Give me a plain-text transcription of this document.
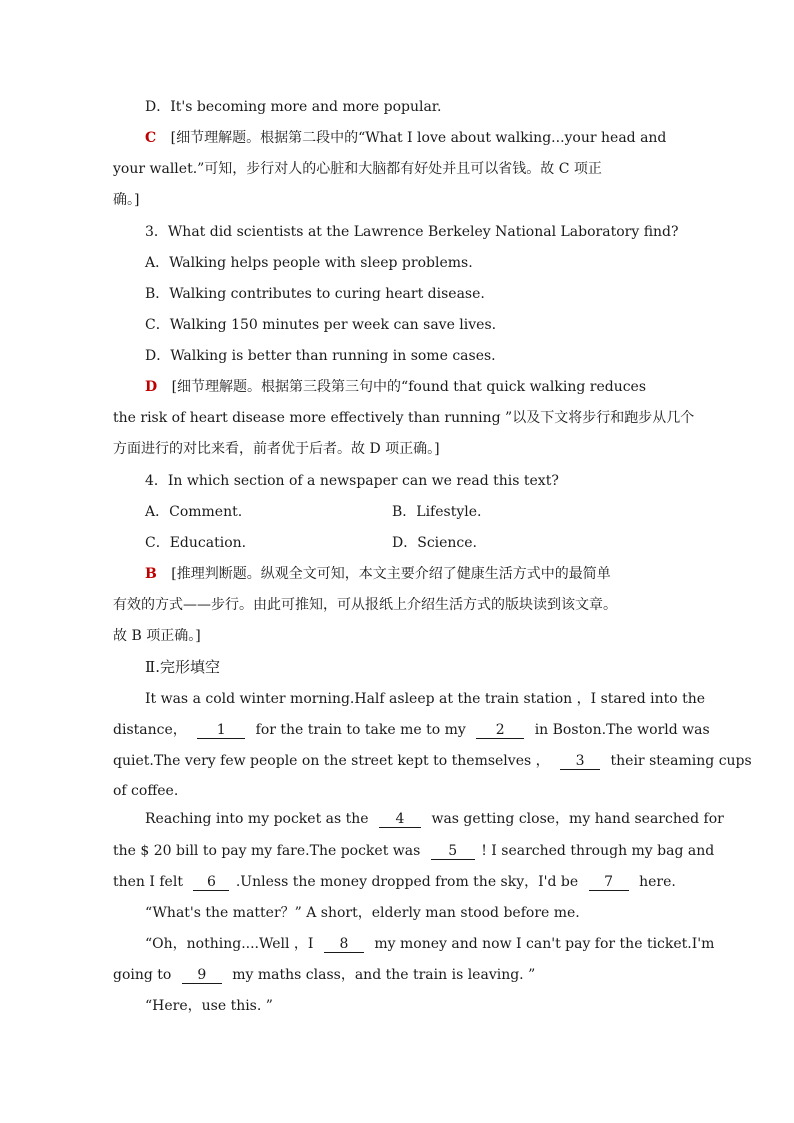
D．It's becoming more and more popular.
C [细节理解题。根据第二段中的“What I love about walking...your head and
your wallet.”可知，步行对人的心脏和大脑都有好处并且可以省钱。故 C 项正
确。]
3．What did scientists at the Lawrence Berkeley National Laboratory find?
A．Walking helps people with sleep problems.
B．Walking contributes to curing heart disease.
C．Walking 150 minutes per week can save lives.
D．Walking is better than running in some cases.
D [细节理解题。根据第三段第三句中的“found that quick walking reduces
the risk of heart disease more effectively than running ”以及下文将步行和跑步从几个
方面进行的对比来看，前者优于后者。故 D 项正确。]
4．In which section of a newspaper can we read this text?
A．Comment.	B．Lifestyle.
C．Education.	D．Science.
B [推理判断题。纵观全文可知，本文主要介绍了健康生活方式中的最简单
有效的方式——步行。由此可推知，可从报纸上介绍生活方式的版块读到该文章。
故 B 项正确。]
Ⅱ.完形填空
It was a cold winter morning.Half asleep at the train station ，I stared into the
distance， 1 for the train to take me to my 2 in Boston.The world was
quiet.The very few people on the street kept to themselves ， 3 their steaming cups
of coffee.
Reaching into my pocket as the 4 was getting close，my hand searched for
the $ 20 bill to pay my fare.The pocket was 5 ! I searched through my bag and
then I felt 6 .Unless the money dropped from the sky，I'd be 7 here.
“What's the matter？” A short，elderly man stood before me.
“Oh，nothing....Well ，I 8 my money and now I can't pay for the ticket.I'm
going to 9 my maths class，and the train is leaving. ”
“Here，use this. ”
